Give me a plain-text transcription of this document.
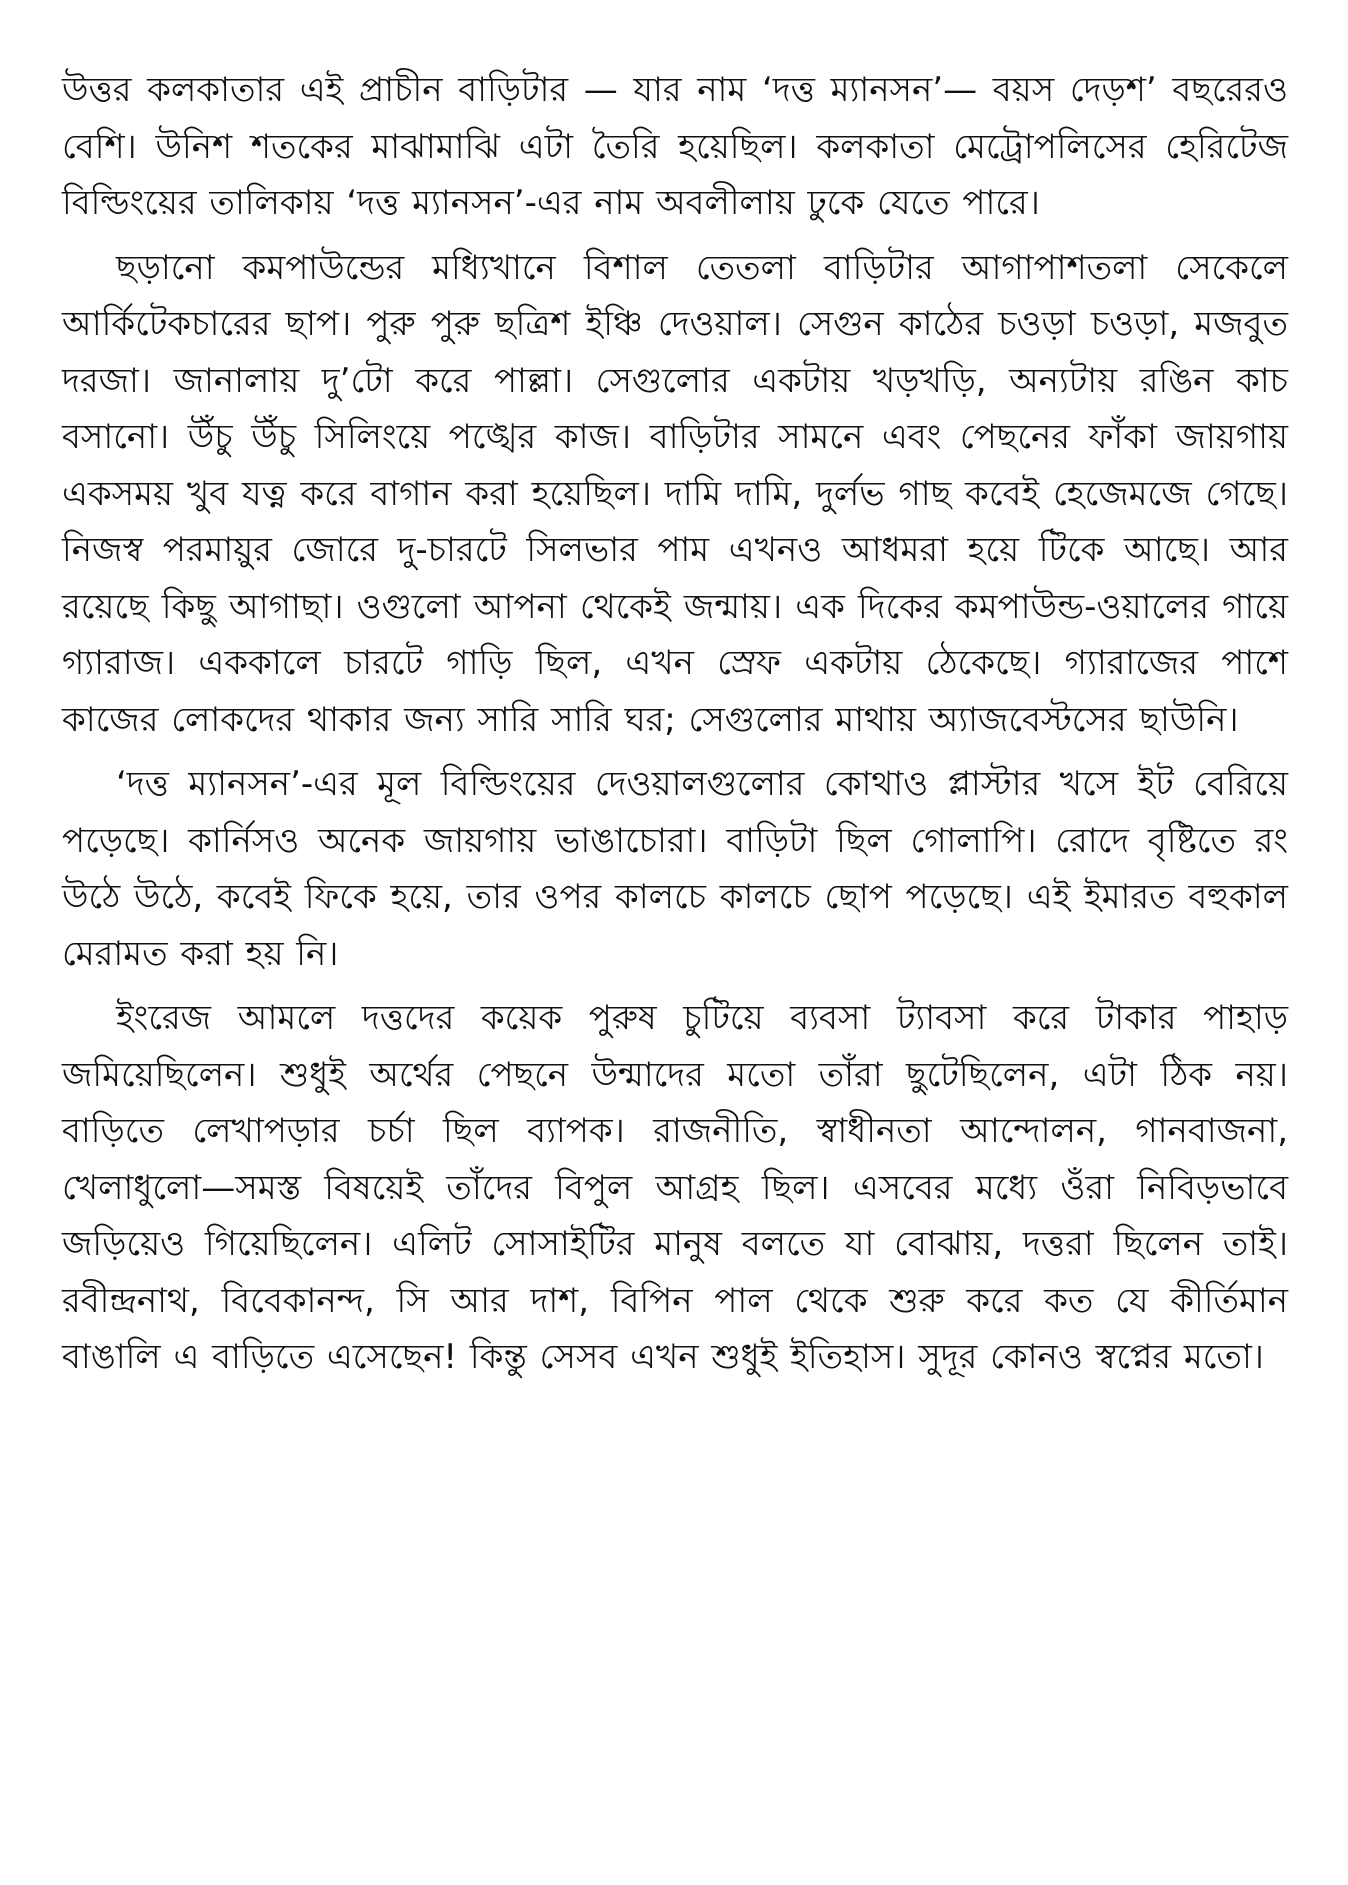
উত্তর কলকাতার এই প্রাচীন বাড়িটার — যার নাম ‘দত্ত ম্যানসন’— বয়স দেড়শ’ বছরেরও বেশি। উনিশ শতকের মাঝামাঝি এটা তৈরি হয়েছিল। কলকাতা মেট্রোপলিসের হেরিটেজ বিল্ডিংয়ের তালিকায় ‘দত্ত ম্যানসন’-এর নাম অবলীলায় ঢুকে যেতে পারে।

ছড়ানো কমপাউন্ডের মধ্যিখানে বিশাল তেতলা বাড়িটার আগাপাশতলা সেকেলে আর্কিটেকচারের ছাপ। পুরু পুরু ছত্রিশ ইঞ্চি দেওয়াল। সেগুন কাঠের চওড়া চওড়া, মজবুত দরজা। জানালায় দু’টো করে পাল্লা। সেগুলোর একটায় খড়খড়ি, অন্যটায় রঙিন কাচ বসানো। উঁচু উঁচু সিলিংয়ে পঙ্খের কাজ। বাড়িটার সামনে এবং পেছনের ফাঁকা জায়গায় একসময় খুব যত্ন করে বাগান করা হয়েছিল। দামি দামি, দুর্লভ গাছ কবেই হেজেমজে গেছে। নিজস্ব পরমায়ুর জোরে দু-চারটে সিলভার পাম এখনও আধমরা হয়ে টিকে আছে। আর রয়েছে কিছু আগাছা। ওগুলো আপনা থেকেই জন্মায়। এক দিকের কমপাউন্ড-ওয়ালের গায়ে গ্যারাজ। এককালে চারটে গাড়ি ছিল, এখন স্রেফ একটায় ঠেকেছে। গ্যারাজের পাশে কাজের লোকদের থাকার জন্য সারি সারি ঘর; সেগুলোর মাথায় অ্যাজবেস্টসের ছাউনি।

‘দত্ত ম্যানসন’-এর মূল বিল্ডিংয়ের দেওয়ালগুলোর কোথাও প্লাস্টার খসে ইট বেরিয়ে পড়েছে। কার্নিসও অনেক জায়গায় ভাঙাচোরা। বাড়িটা ছিল গোলাপি। রোদে বৃষ্টিতে রং উঠে উঠে, কবেই ফিকে হয়ে, তার ওপর কালচে কালচে ছোপ পড়েছে। এই ইমারত বহুকাল মেরামত করা হয় নি।

ইংরেজ আমলে দত্তদের কয়েক পুরুষ চুটিয়ে ব্যবসা ট্যাবসা করে টাকার পাহাড় জমিয়েছিলেন। শুধুই অর্থের পেছনে উন্মাদের মতো তাঁরা ছুটেছিলেন, এটা ঠিক নয়। বাড়িতে লেখাপড়ার চর্চা ছিল ব্যাপক। রাজনীতি, স্বাধীনতা আন্দোলন, গানবাজনা, খেলাধুলো—সমস্ত বিষয়েই তাঁদের বিপুল আগ্রহ ছিল। এসবের মধ্যে ওঁরা নিবিড়ভাবে জড়িয়েও গিয়েছিলেন। এলিট সোসাইটির মানুষ বলতে যা বোঝায়, দত্তরা ছিলেন তাই। রবীন্দ্রনাথ, বিবেকানন্দ, সি আর দাশ, বিপিন পাল থেকে শুরু করে কত যে কীর্তিমান বাঙালি এ বাড়িতে এসেছেন! কিন্তু সেসব এখন শুধুই ইতিহাস। সুদূর কোনও স্বপ্নের মতো।
